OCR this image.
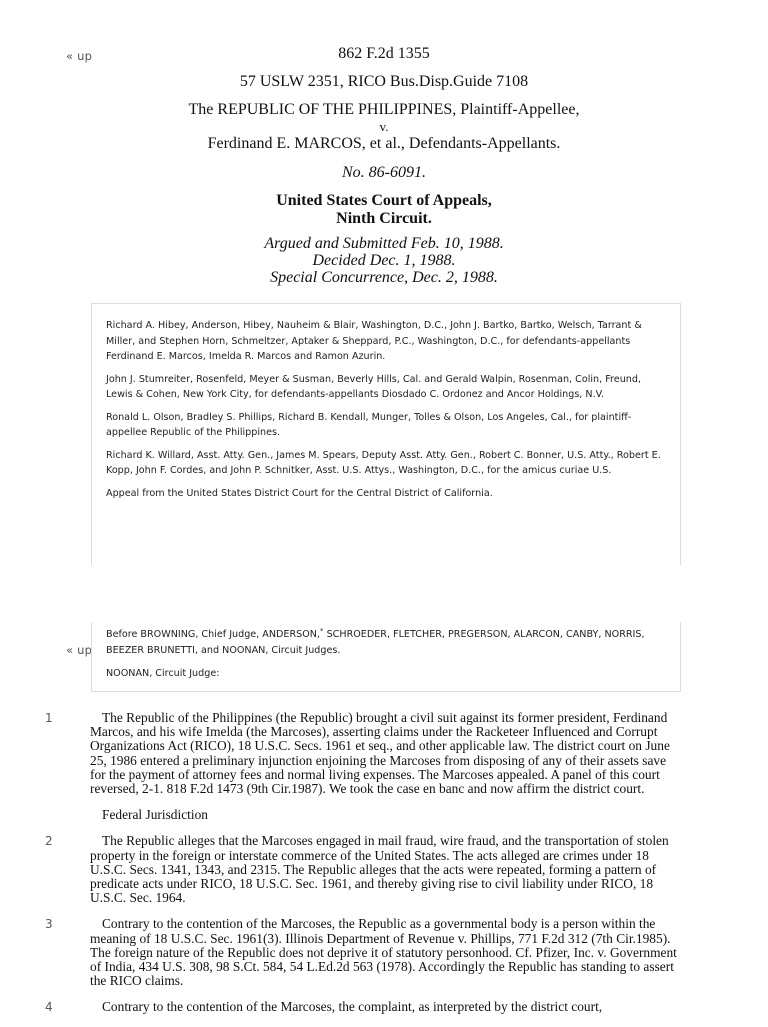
« up	862 F.2d 1355
57 USLW 2351, RICO Bus.Disp.Guide 7108
The REPUBLIC OF THE PHILIPPINES, Plaintiff-Appellee,
v.
Ferdinand E. MARCOS, et al., Defendants-Appellants.
No. 86-6091.
United States Court of Appeals,
Ninth Circuit.
Argued and Submitted Feb. 10, 1988.
Decided Dec. 1, 1988.
Special Concurrence, Dec. 2, 1988.

Richard A. Hibey, Anderson, Hibey, Nauheim & Blair, Washington, D.C., John J. Bartko, Bartko, Welsch, Tarrant & Miller, and Stephen Horn, Schmeltzer, Aptaker & Sheppard, P.C., Washington, D.C., for defendants-appellants Ferdinand E. Marcos, Imelda R. Marcos and Ramon Azurin.

John J. Stumreiter, Rosenfeld, Meyer & Susman, Beverly Hills, Cal. and Gerald Walpin, Rosenman, Colin, Freund, Lewis & Cohen, New York City, for defendants-appellants Diosdado C. Ordonez and Ancor Holdings, N.V.

Ronald L. Olson, Bradley S. Phillips, Richard B. Kendall, Munger, Tolles & Olson, Los Angeles, Cal., for plaintiff-appellee Republic of the Philippines.

Richard K. Willard, Asst. Atty. Gen., James M. Spears, Deputy Asst. Atty. Gen., Robert C. Bonner, U.S. Atty., Robert E. Kopp, John F. Cordes, and John P. Schnitker, Asst. U.S. Attys., Washington, D.C., for the amicus curiae U.S.

Appeal from the United States District Court for the Central District of California.

« up

Before BROWNING, Chief Judge, ANDERSON,* SCHROEDER, FLETCHER, PREGERSON, ALARCON, CANBY, NORRIS, BEEZER BRUNETTI, and NOONAN, Circuit Judges.

NOONAN, Circuit Judge:

1	The Republic of the Philippines (the Republic) brought a civil suit against its former president, Ferdinand Marcos, and his wife Imelda (the Marcoses), asserting claims under the Racketeer Influenced and Corrupt Organizations Act (RICO), 18 U.S.C. Secs. 1961 et seq., and other applicable law. The district court on June 25, 1986 entered a preliminary injunction enjoining the Marcoses from disposing of any of their assets save for the payment of attorney fees and normal living expenses. The Marcoses appealed. A panel of this court reversed, 2-1. 818 F.2d 1473 (9th Cir.1987). We took the case en banc and now affirm the district court.
Federal Jurisdiction
2	The Republic alleges that the Marcoses engaged in mail fraud, wire fraud, and the transportation of stolen property in the foreign or interstate commerce of the United States. The acts alleged are crimes under 18 U.S.C. Secs. 1341, 1343, and 2315. The Republic alleges that the acts were repeated, forming a pattern of predicate acts under RICO, 18 U.S.C. Sec. 1961, and thereby giving rise to civil liability under RICO, 18 U.S.C. Sec. 1964.
3	Contrary to the contention of the Marcoses, the Republic as a governmental body is a person within the meaning of 18 U.S.C. Sec. 1961(3). Illinois Department of Revenue v. Phillips, 771 F.2d 312 (7th Cir.1985). The foreign nature of the Republic does not deprive it of statutory personhood. Cf. Pfizer, Inc. v. Government of India, 434 U.S. 308, 98 S.Ct. 584, 54 L.Ed.2d 563 (1978). Accordingly the Republic has standing to assert the RICO claims.
4	Contrary to the contention of the Marcoses, the complaint, as interpreted by the district court,
